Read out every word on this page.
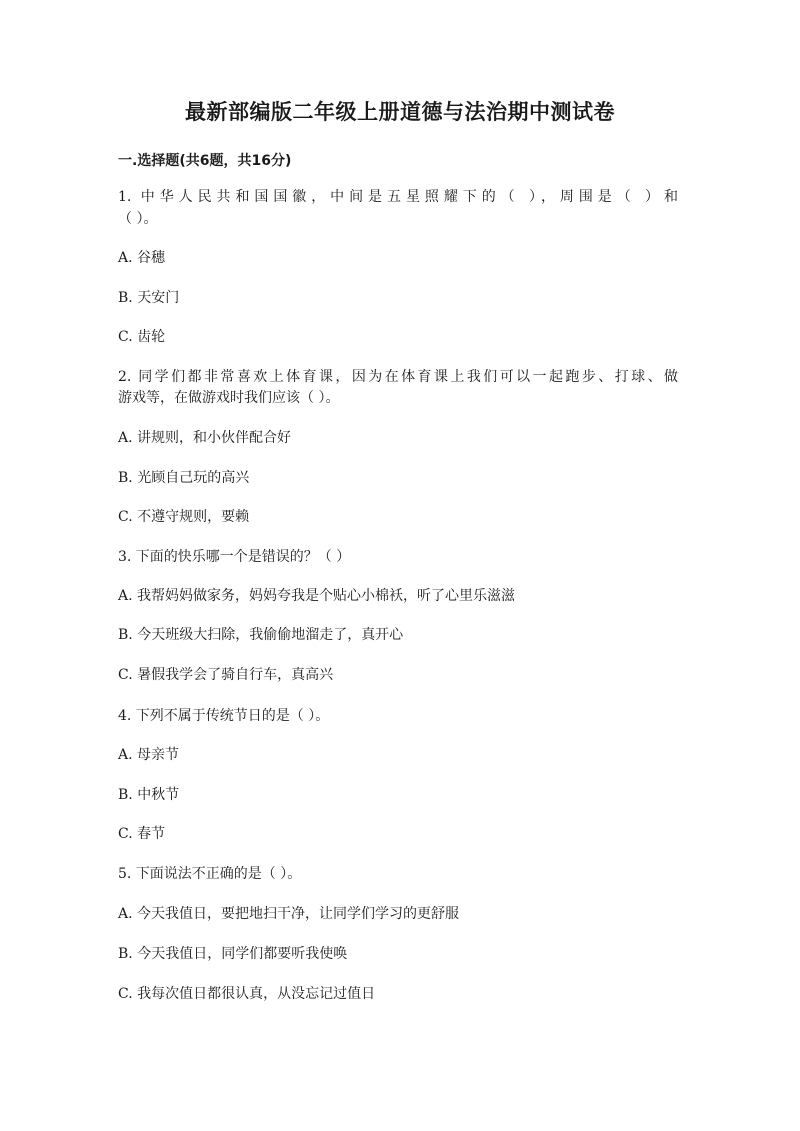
最新部编版二年级上册道德与法治期中测试卷
一.选择题(共6题，共16分)
1. 中华人民共和国国徽，中间是五星照耀下的（ ），周围是（ ）和
（ ）。
A. 谷穗
B. 天安门
C. 齿轮
2. 同学们都非常喜欢上体育课，因为在体育课上我们可以一起跑步、打球、做
游戏等，在做游戏时我们应该（ ）。
A. 讲规则，和小伙伴配合好
B. 光顾自己玩的高兴
C. 不遵守规则，要赖
3. 下面的快乐哪一个是错误的？（ ）
A. 我帮妈妈做家务，妈妈夸我是个贴心小棉袄，听了心里乐滋滋
B. 今天班级大扫除，我偷偷地溜走了，真开心
C. 暑假我学会了骑自行车，真高兴
4. 下列不属于传统节日的是（ ）。
A. 母亲节
B. 中秋节
C. 春节
5. 下面说法不正确的是（ ）。
A. 今天我值日，要把地扫干净，让同学们学习的更舒服
B. 今天我值日，同学们都要听我使唤
C. 我每次值日都很认真，从没忘记过值日
